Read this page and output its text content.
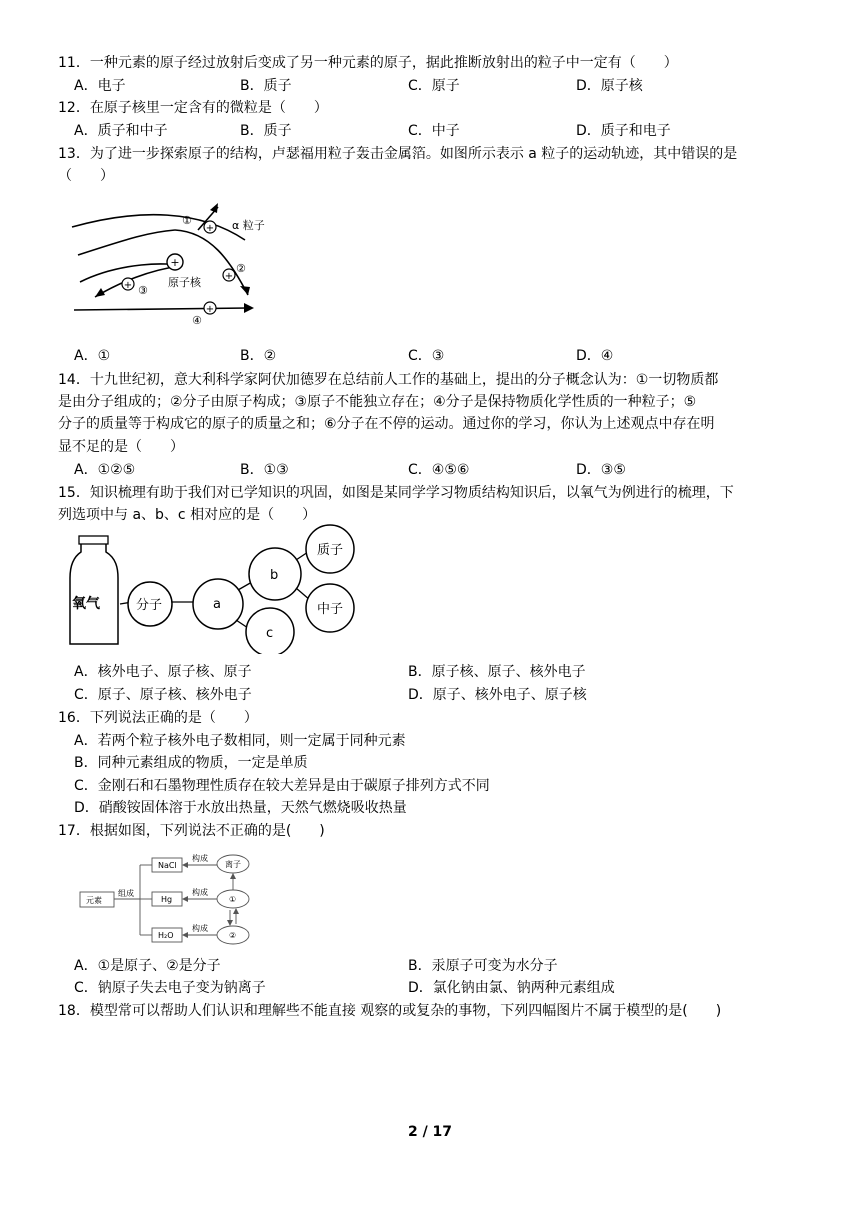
11．一种元素的原子经过放射后变成了另一种元素的原子，据此推断放射出的粒子中一定有（　　）
A．电子	B．质子	C．原子	D．原子核
12．在原子核里一定含有的微粒是（　　）
A．质子和中子	B．质子	C．中子	D．质子和电子
13．为了进一步探索原子的结构，卢瑟福用粒子轰击金属箔。如图所示表示 a 粒子的运动轨迹，其中错误的是
（　　）
+
+
+
+
+
①	α 粒子
②
③
原子核
④
A．①	B．②	C．③	D．④
14．十九世纪初，意大利科学家阿伏加德罗在总结前人工作的基础上，提出的分子概念认为：①一切物质都
是由分子组成的；②分子由原子构成；③原子不能独立存在；④分子是保持物质化学性质的一种粒子；⑤
分子的质量等于构成它的原子的质量之和；⑥分子在不停的运动。通过你的学习，你认为上述观点中存在明
显不足的是（　　）
A．①②⑤	B．①③	C．④⑤⑥	D．③⑤
15．知识梳理有助于我们对已学知识的巩固，如图是某同学学习物质结构知识后，以氧气为例进行的梳理，下
列选项中与 a、b、c 相对应的是（　　）
氧气	分子	a
b
c
质子
中子
A．核外电子、原子核、原子	B．原子核、原子、核外电子
C．原子、原子核、核外电子	D．原子、核外电子、原子核
16．下列说法正确的是（　　）
A．若两个粒子核外电子数相同，则一定属于同种元素
B．同种元素组成的物质，一定是单质
C．金刚石和石墨物理性质存在较大差异是由于碳原子排列方式不同
D．硝酸铵固体溶于水放出热量，天然气燃烧吸收热量
17．根据如图，下列说法不正确的是(　　)
元素
组成
NaCl
Hg
H₂O
构成
构成
构成
离子
①
②
A．①是原子、②是分子	B．汞原子可变为水分子
C．钠原子失去电子变为钠离子	D．氯化钠由氯、钠两种元素组成
18．模型常可以帮助人们认识和理解些不能直接 观察的或复杂的事物，下列四幅图片不属于模型的是(　　)
2 / 17
